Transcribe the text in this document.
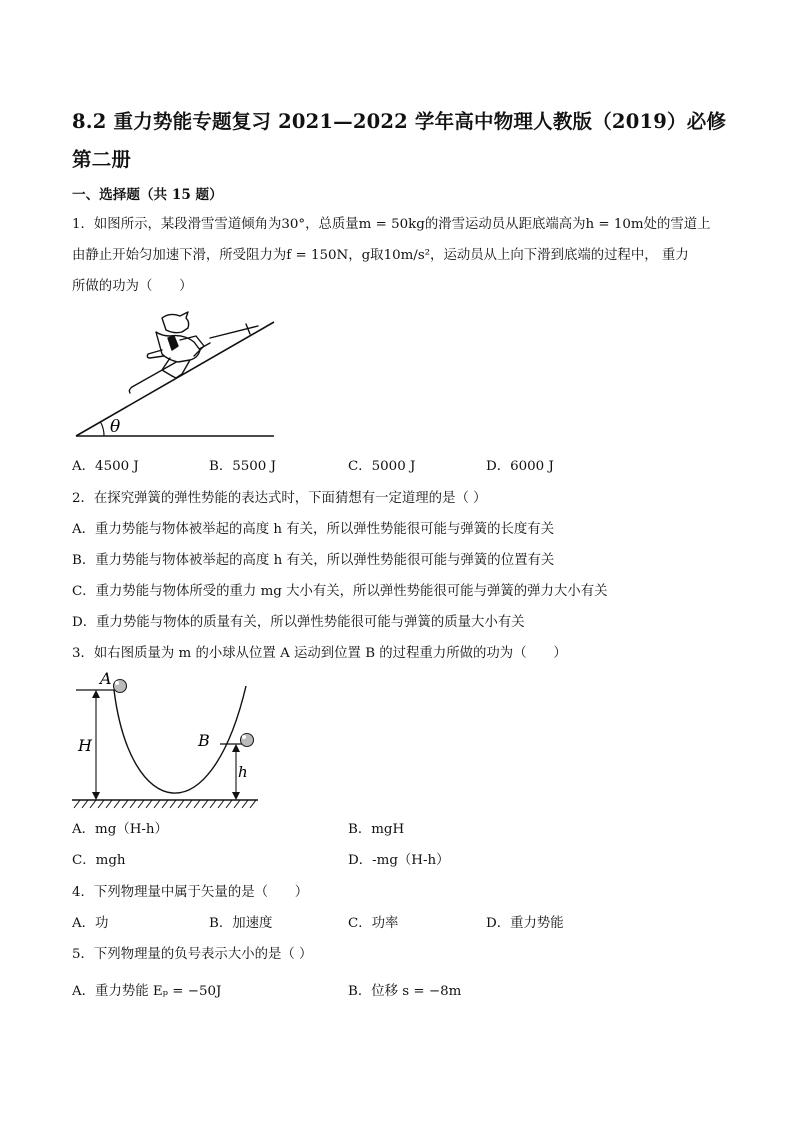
8.2 重力势能专题复习 2021—2022 学年高中物理人教版（2019）必修第二册
一、选择题（共 15 题）
1．如图所示，某段滑雪雪道倾角为30°，总质量m = 50kg的滑雪运动员从距底端高为h = 10m处的雪道上
由静止开始匀加速下滑，所受阻力为f = 150N，g取10m/s²，运动员从上向下滑到底端的过程中， 重力
所做的功为（　　）
θ
A．4500 J	B．5500 J	C．5000 J	D．6000 J
2．在探究弹簧的弹性势能的表达式时，下面猜想有一定道理的是（ ）
A．重力势能与物体被举起的高度 h 有关，所以弹性势能很可能与弹簧的长度有关
B．重力势能与物体被举起的高度 h 有关，所以弹性势能很可能与弹簧的位置有关
C．重力势能与物体所受的重力 mg 大小有关，所以弹性势能很可能与弹簧的弹力大小有关
D．重力势能与物体的质量有关，所以弹性势能很可能与弹簧的质量大小有关
3．如右图质量为 m 的小球从位置 A 运动到位置 B 的过程重力所做的功为（　　）
H
h
A
B
A．mg（H-h）	B．mgH
C．mgh	D．-mg（H-h）
4．下列物理量中属于矢量的是（　　）
A．功	B．加速度	C．功率	D．重力势能
5．下列物理量的负号表示大小的是（ ）
A．重力势能 Eₚ = −50J	B．位移 s = −8m
